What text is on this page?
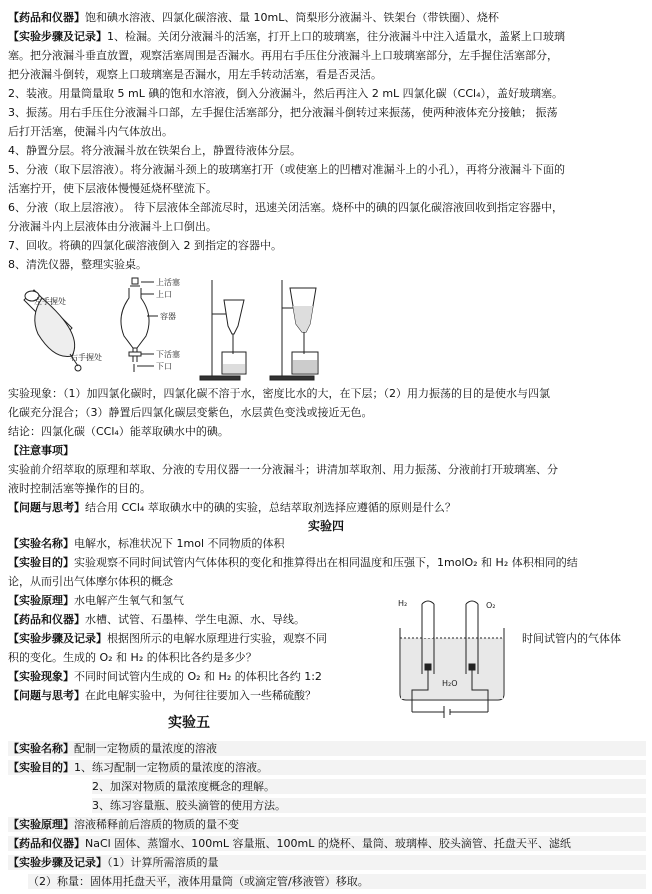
【药品和仪器】饱和碘水溶液、四氯化碳溶液、量 10mL、筒梨形分液漏斗、铁架台（带铁圈）、烧杯
【实验步骤及记录】1、检漏。关闭分液漏斗的活塞，打开上口的玻璃塞，往分液漏斗中注入适量水，盖紧上口玻璃
塞。把分液漏斗垂直放置，观察活塞周围是否漏水。再用右手压住分液漏斗上口玻璃塞部分，左手握住活塞部分，
把分液漏斗倒转，观察上口玻璃塞是否漏水，用左手转动活塞，看是否灵活。
2、装液。用量筒量取 5 mL 碘的饱和水溶液，倒入分液漏斗，然后再注入 2 mL 四氯化碳（CCl₄），盖好玻璃塞。
3、振荡。用右手压住分液漏斗口部，左手握住活塞部分，把分液漏斗倒转过来振荡，使两种液体充分接触； 振荡
后打开活塞，使漏斗内气体放出。
4、静置分层。将分液漏斗放在铁架台上，静置待液体分层。
5、分液（取下层溶液）。将分液漏斗颈上的玻璃塞打开（或使塞上的凹槽对准漏斗上的小孔），再将分液漏斗下面的
活塞拧开，使下层液体慢慢延烧杯壁流下。
6、分液（取上层溶液）。 待下层液体全部流尽时，迅速关闭活塞。烧杯中的碘的四氯化碳溶液回收到指定容器中，
分液漏斗内上层液体由分液漏斗上口倒出。
7、回收。将碘的四氯化碳溶液倒入 2 到指定的容器中。
8、清洗仪器，整理实验桌。
左手握处
右手握处
上活塞
上口
容器
下活塞
下口
实验现象：（1）加四氯化碳时，四氯化碳不溶于水，密度比水的大，在下层；（2）用力振荡的目的是使水与四氯
化碳充分混合；（3）静置后四氯化碳层变紫色，水层黄色变浅或接近无色。
结论：四氯化碳（CCl₄）能萃取碘水中的碘。
【注意事项】
实验前介绍萃取的原理和萃取、分液的专用仪器一一分液漏斗；讲清加萃取剂、用力振荡、分液前打开玻璃塞、分
液时控制活塞等操作的目的。
【问题与思考】结合用 CCl₄ 萃取碘水中的碘的实验，总结萃取剂选择应遵循的原则是什么？
实验四
【实验名称】电解水，标准状况下 1mol 不同物质的体积
【实验目的】实验观察不同时间试管内气体体积的变化和推算得出在相同温度和压强下，1molO₂ 和 H₂ 体积相同的结
论，从而引出气体摩尔体积的概念
【实验原理】水电解产生氧气和氢气
【药品和仪器】水槽、试管、石墨棒、学生电源、水、导线。
【实验步骤及记录】根据图所示的电解水原理进行实验，观察不同	时间试管内的气体体
积的变化。生成的 O₂ 和 H₂ 的体积比各约是多少？
【实验现象】不同时间试管内生成的 O₂ 和 H₂ 的体积比各约 1:2
【问题与思考】在此电解实验中，为何往往要加入一些稀硫酸？
H₂	O₂
H₂O
实验五
【实验名称】配制一定物质的量浓度的溶液
【实验目的】1、练习配制一定物质的量浓度的溶液。
2、加深对物质的量浓度概念的理解。
3、练习容量瓶、胶头滴管的使用方法。
【实验原理】溶液稀释前后溶质的物质的量不变
【药品和仪器】NaCl 固体、蒸馏水、100mL 容量瓶、100mL 的烧杯、量筒、玻璃棒、胶头滴管、托盘天平、滤纸
【实验步骤及记录】（1）计算所需溶质的量
（2）称量：固体用托盘天平，液体用量筒（或滴定管/移液管）移取。
